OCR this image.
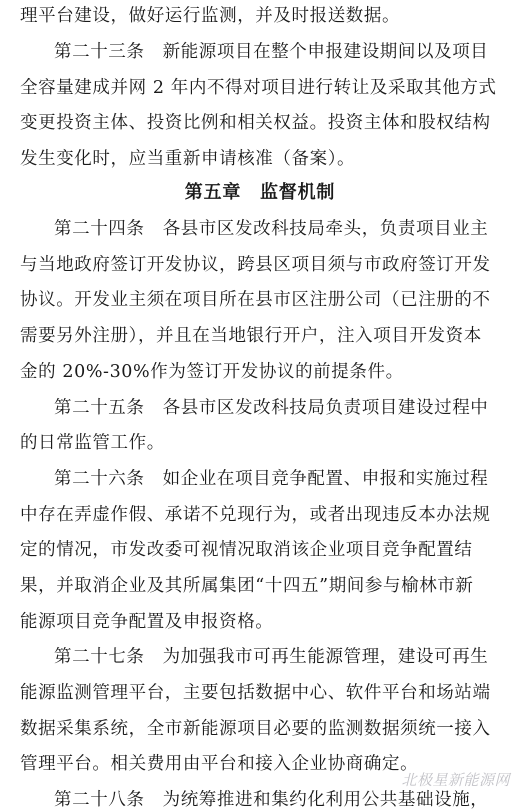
理平台建设，做好运行监测，并及时报送数据。
第二十三条　新能源项目在整个申报建设期间以及项目
全容量建成并网 2 年内不得对项目进行转让及采取其他方式
变更投资主体、投资比例和相关权益。投资主体和股权结构
发生变化时，应当重新申请核准（备案）。
第五章　监督机制
第二十四条　各县市区发改科技局牵头，负责项目业主
与当地政府签订开发协议，跨县区项目须与市政府签订开发
协议。开发业主须在项目所在县市区注册公司（已注册的不
需要另外注册），并且在当地银行开户，注入项目开发资本
金的 20%-30%作为签订开发协议的前提条件。
第二十五条　各县市区发改科技局负责项目建设过程中
的日常监管工作。
第二十六条　如企业在项目竞争配置、申报和实施过程
中存在弄虚作假、承诺不兑现行为，或者出现违反本办法规
定的情况，市发改委可视情况取消该企业项目竞争配置结
果，并取消企业及其所属集团“十四五”期间参与榆林市新
能源项目竞争配置及申报资格。
第二十七条　为加强我市可再生能源管理，建设可再生
能源监测管理平台，主要包括数据中心、软件平台和场站端
数据采集系统，全市新能源项目必要的监测数据须统一接入
管理平台。相关费用由平台和接入企业协商确定。
第二十八条　为统筹推进和集约化利用公共基础设施，
北极星新能源网
